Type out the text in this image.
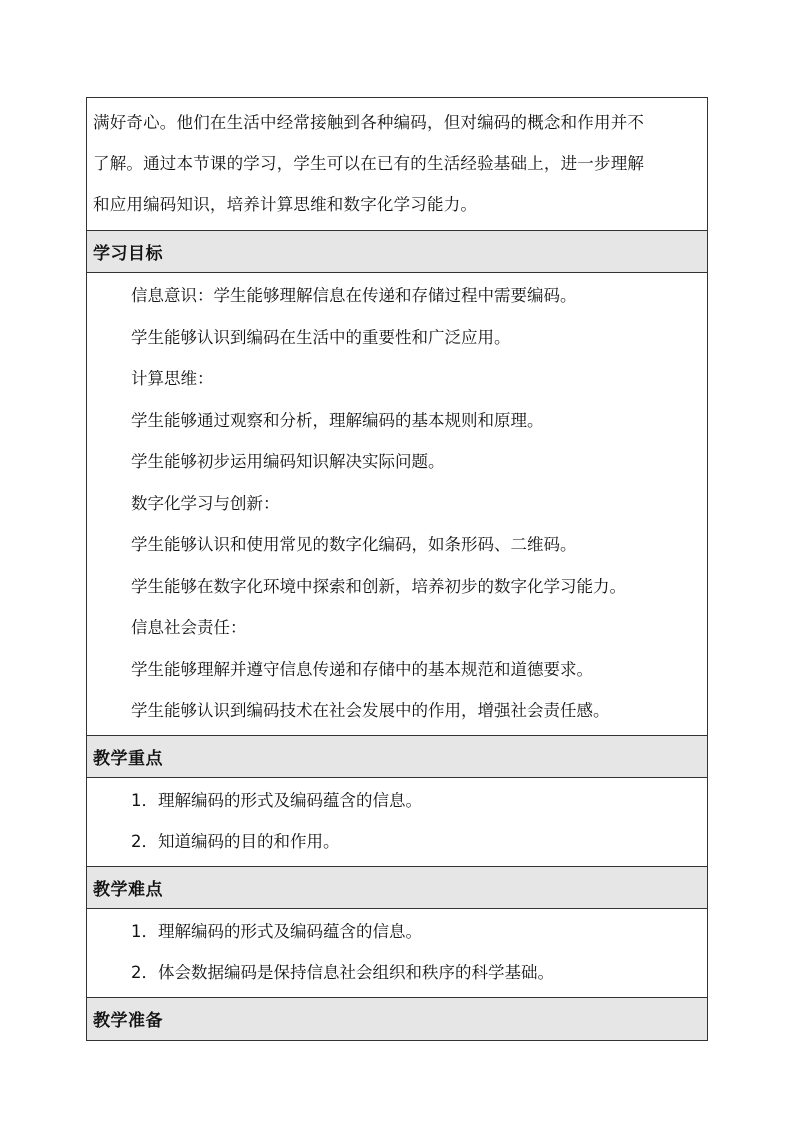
满好奇心。他们在生活中经常接触到各种编码，但对编码的概念和作用并不

了解。通过本节课的学习，学生可以在已有的生活经验基础上，进一步理解

和应用编码知识，培养计算思维和数字化学习能力。

学习目标

信息意识：学生能够理解信息在传递和存储过程中需要编码。

学生能够认识到编码在生活中的重要性和广泛应用。

计算思维：

学生能够通过观察和分析，理解编码的基本规则和原理。

学生能够初步运用编码知识解决实际问题。

数字化学习与创新：

学生能够认识和使用常见的数字化编码，如条形码、二维码。

学生能够在数字化环境中探索和创新，培养初步的数字化学习能力。

信息社会责任：

学生能够理解并遵守信息传递和存储中的基本规范和道德要求。

学生能够认识到编码技术在社会发展中的作用，增强社会责任感。

教学重点

1．理解编码的形式及编码蕴含的信息。

2．知道编码的目的和作用。

教学难点

1．理解编码的形式及编码蕴含的信息。

2．体会数据编码是保持信息社会组织和秩序的科学基础。

教学准备
